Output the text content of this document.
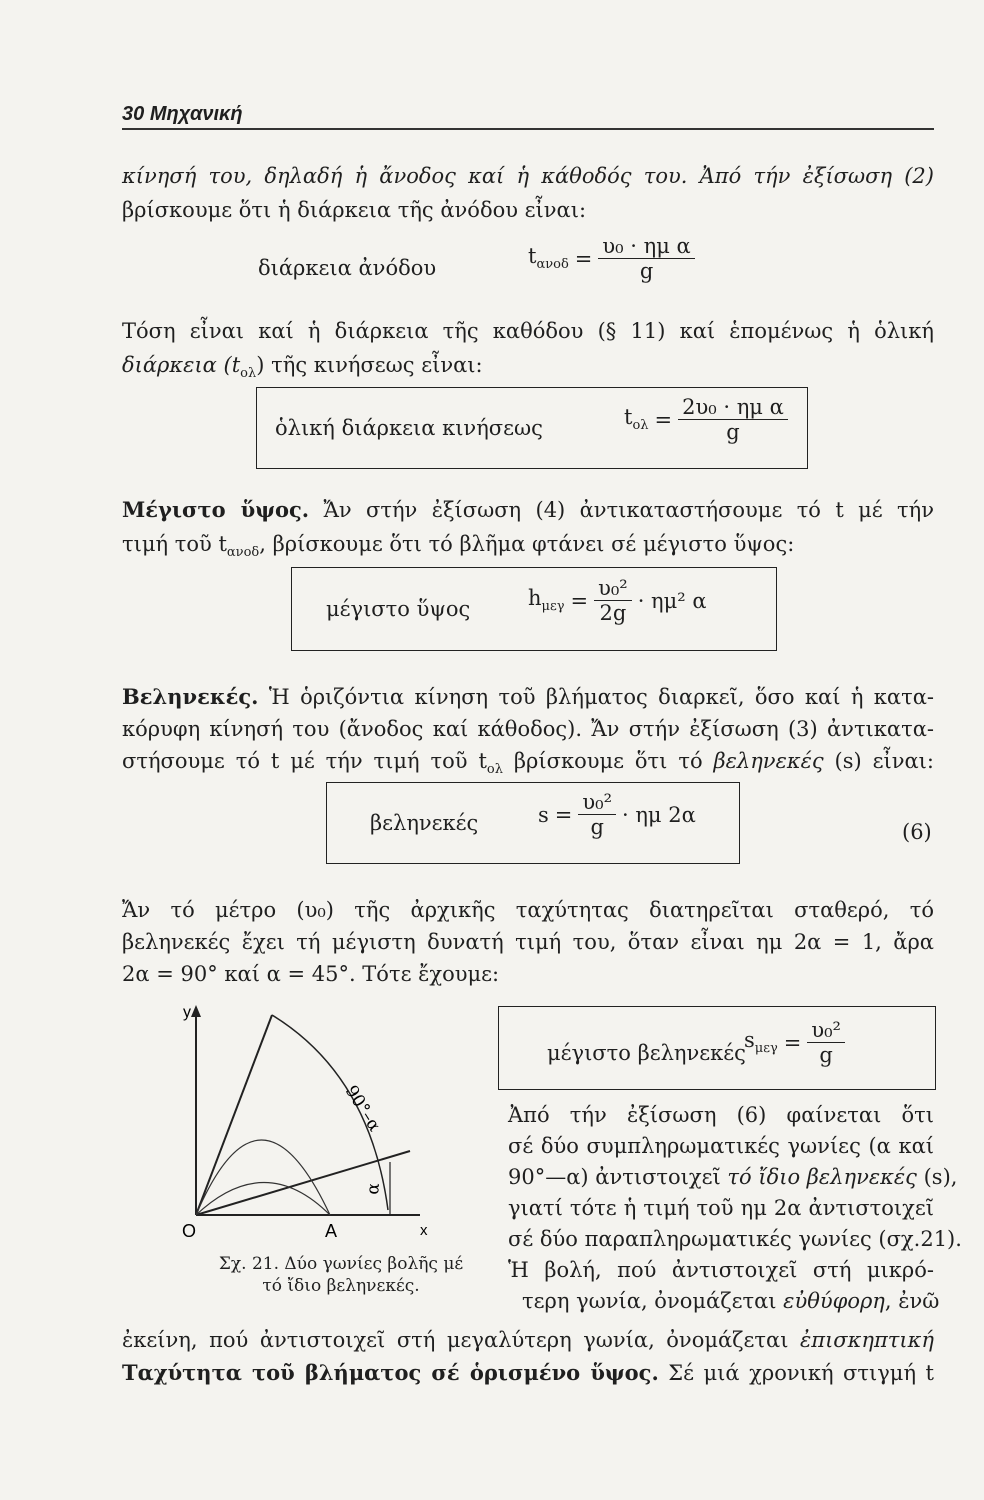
30 Μηχανική
κίνησή του, δηλαδή ἡ ἄνοδος καί ἡ κάθοδός του. Ἀπό τήν ἐξίσωση (2)
βρίσκουμε ὅτι ἡ διάρκεια τῆς ἀνόδου εἶναι:
διάρκεια ἀνόδου	$t_{\alpha\nu o\delta} = \frac{\text{υ₀ · ημ α}}{g}$
Τόση εἶναι καί ἡ διάρκεια τῆς καθόδου (§ 11) καί ἑπομένως ἡ ὁλική
διάρκεια $(t_{o\lambda})$ τῆς κινήσεως εἶναι:
ὁλική διάρκεια κινήσεως	$t_{o\lambda} = \frac{\text{2υ₀ · ημ α}}{g}$
Μέγιστο ὕψος. Ἄν στήν ἐξίσωση (4) ἀντικαταστήσουμε τό t μέ τήν
τιμή τοῦ $t_{\alpha\nu o\delta}$, βρίσκουμε ὅτι τό βλῆμα φτάνει σέ μέγιστο ὕψος:
μέγιστο ὕψος	$h_{\mu\varepsilon\gamma} = \frac{\text{υ₀²}}{2g} \cdot \eta\mu^2$ α
Βεληνεκές. Ἡ ὁριζόντια κίνηση τοῦ βλήματος διαρκεῖ, ὅσο καί ἡ κατα-
κόρυφη κίνησή του (ἄνοδος καί κάθοδος). Ἄν στήν ἐξίσωση (3) ἀντικατα-
στήσουμε τό t μέ τήν τιμή τοῦ $t_{o\lambda}$ βρίσκουμε ὅτι τό βεληνεκές (s) εἶναι:
βεληνεκές	$s = \frac{\text{υ₀²}}{g} \cdot \eta\mu$ 2α
(6)
Ἄν τό μέτρο (υ₀) τῆς ἀρχικῆς ταχύτητας διατηρεῖται σταθερό, τό
βεληνεκές ἔχει τή μέγιστη δυνατή τιμή του, ὅταν εἶναι ημ 2α = 1, ἄρα
2α = 90° καί α = 45°. Τότε ἔχουμε:
90°–α
α
y
x
O	A
Σχ. 21. Δύο γωνίες βολῆς μέ
τό ἴδιο βεληνεκές.
μέγιστο βεληνεκές
$s_{\mu\varepsilon\gamma} = \frac{\text{υ₀²}}{g}$
Ἀπό τήν ἐξίσωση (6) φαίνεται ὅτι
σέ δύο συμπληρωματικές γωνίες (α καί
90°—α) ἀντιστοιχεῖ τό ἴδιο βεληνεκές (s),
γιατί τότε ἡ τιμή τοῦ ημ 2α ἀντιστοιχεῖ
σέ δύο παραπληρωματικές γωνίες (σχ.21).
Ἡ βολή, πού ἀντιστοιχεῖ στή μικρό-
τερη γωνία, ὀνομάζεται εὐθύφορη, ἐνῶ
ἐκείνη, πού ἀντιστοιχεῖ στή μεγαλύτερη γωνία, ὀνομάζεται ἐπισκηπτική
Ταχύτητα τοῦ βλήματος σέ ὁρισμένο ὕψος. Σέ μιά χρονική στιγμή t
